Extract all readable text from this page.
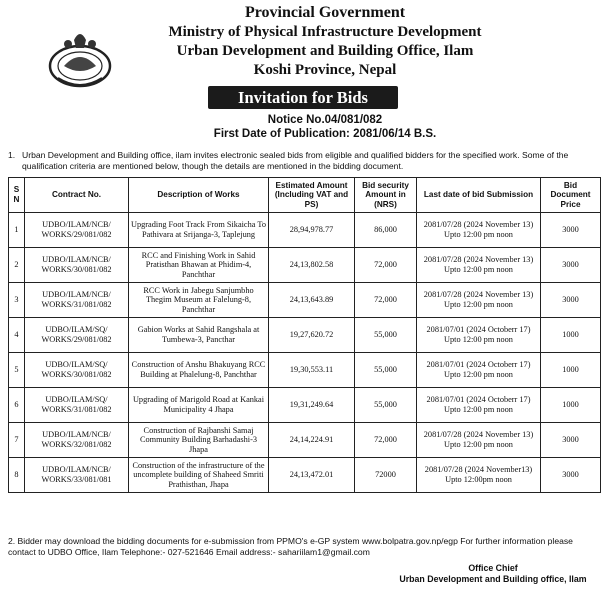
Provincial Government
Ministry of Physical Infrastructure Development
Urban Development and Building Office, Ilam
Koshi Province, Nepal
Invitation for Bids
Notice No.04/081/082
First Date of Publication: 2081/06/14 B.S.
1. Urban Development and Building office, ilam invites electronic sealed bids from eligible and qualified bidders for the specified work. Some of the qualification criteria are mentioned below, though the details are mentioned in the bidding document.
S N	Contract No.	Description of Works	Estimated Amount (Including VAT and PS)	Bid security Amount in (NRS)	Last date of bid Submission	Bid Document Price
1	UDBO/ILAM/NCB/ WORKS/29/081/082	Upgrading Foot Track From Sikaicha To Pathivara at Srijanga-3, Taplejung	28,94,978.77	86,000	2081/07/28 (2024 November 13) Upto 12:00 pm noon	3000
2	UDBO/ILAM/NCB/ WORKS/30/081/082	RCC and Finishing Work in Sahid Pratisthan Bhawan at Phidim-4, Panchthar	24,13,802.58	72,000	2081/07/28 (2024 November 13) Upto 12:00 pm noon	3000
3	UDBO/ILAM/NCB/ WORKS/31/081/082	RCC Work in Jabegu Sanjumbho Thegim Museum at Falelung-8, Panchthar	24,13,643.89	72,000	2081/07/28 (2024 November 13) Upto 12:00 pm noon	3000
4	UDBO/ILAM/SQ/ WORKS/29/081/082	Gabion Works at Sahid Rangshala at Tumbewa-3, Pancthar	19,27,620.72	55,000	2081/07/01 (2024 Octoberr 17) Upto 12:00 pm noon	1000
5	UDBO/ILAM/SQ/ WORKS/30/081/082	Construction of Anshu Bhakuyang RCC Building at Phalelung-8, Panchthar	19,30,553.11	55,000	2081/07/01 (2024 Octoberr 17) Upto 12:00 pm noon	1000
6	UDBO/ILAM/SQ/ WORKS/31/081/082	Upgrading of Marigold Road at Kankai Municipality 4 Jhapa	19,31,249.64	55,000	2081/07/01 (2024 Octoberr 17) Upto 12:00 pm noon	1000
7	UDBO/ILAM/NCB/ WORKS/32/081/082	Construction of Rajbanshi Samaj Community Building Barhadashi-3 Jhapa	24,14,224.91	72,000	2081/07/28 (2024 November 13) Upto 12:00 pm noon	3000
8	UDBO/ILAM/NCB/ WORKS/33/081/081	Construction of the infrastructure of the uncomplete building of Shaheed Smriti Prathisthan, Jhapa	24,13,472.01	72000	2081/07/28 (2024 November13) Upto 12:00pm noon	3000
2. Bidder may download the bidding documents for e-submission from PPMO's e-GP system www.bolpatra.gov.np/egp For further information please contact to UDBO Office, Ilam Telephone:- 027-521646 Email address:- sahariilam1@gmail.com
Office Chief
Urban Development and Building office, Ilam
